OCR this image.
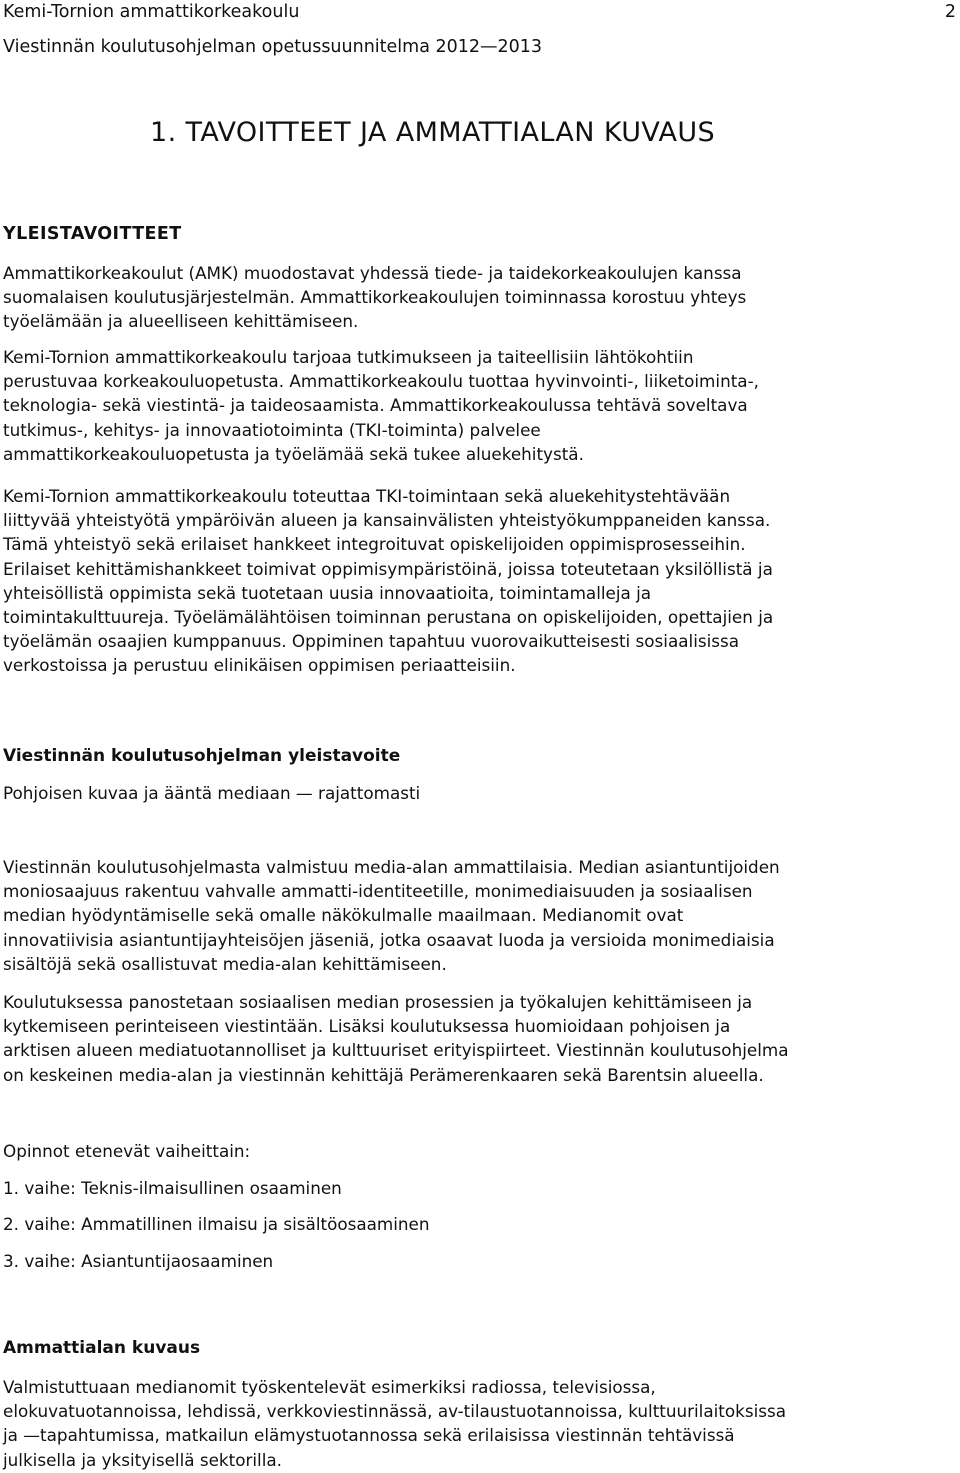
Kemi-Tornion ammattikorkeakoulu	2
Viestinnän koulutusohjelman opetussuunnitelma 2012—2013
1. TAVOITTEET JA AMMATTIALAN KUVAUS
YLEISTAVOITTEET
Ammattikorkeakoulut (AMK) muodostavat yhdessä tiede- ja taidekorkeakoulujen kanssa
suomalaisen koulutusjärjestelmän. Ammattikorkeakoulujen toiminnassa korostuu yhteys
työelämään ja alueelliseen kehittämiseen.
Kemi-Tornion ammattikorkeakoulu tarjoaa tutkimukseen ja taiteellisiin lähtökohtiin
perustuvaa korkeakouluopetusta. Ammattikorkeakoulu tuottaa hyvinvointi-, liiketoiminta-,
teknologia- sekä viestintä- ja taideosaamista. Ammattikorkeakoulussa tehtävä soveltava
tutkimus-, kehitys- ja innovaatiotoiminta (TKI-toiminta) palvelee
ammattikorkeakouluopetusta ja työelämää sekä tukee aluekehitystä.
Kemi-Tornion ammattikorkeakoulu toteuttaa TKI-toimintaan sekä aluekehitystehtävään
liittyvää yhteistyötä ympäröivän alueen ja kansainvälisten yhteistyökumppaneiden kanssa.
Tämä yhteistyö sekä erilaiset hankkeet integroituvat opiskelijoiden oppimisprosesseihin.
Erilaiset kehittämishankkeet toimivat oppimisympäristöinä, joissa toteutetaan yksilöllistä ja
yhteisöllistä oppimista sekä tuotetaan uusia innovaatioita, toimintamalleja ja
toimintakulttuureja. Työelämälähtöisen toiminnan perustana on opiskelijoiden, opettajien ja
työelämän osaajien kumppanuus. Oppiminen tapahtuu vuorovaikutteisesti sosiaalisissa
verkostoissa ja perustuu elinikäisen oppimisen periaatteisiin.
Viestinnän koulutusohjelman yleistavoite
Pohjoisen kuvaa ja ääntä mediaan — rajattomasti
Viestinnän koulutusohjelmasta valmistuu media-alan ammattilaisia. Median asiantuntijoiden
moniosaajuus rakentuu vahvalle ammatti-identiteetille, monimediaisuuden ja sosiaalisen
median hyödyntämiselle sekä omalle näkökulmalle maailmaan. Medianomit ovat
innovatiivisia asiantuntijayhteisöjen jäseniä, jotka osaavat luoda ja versioida monimediaisia
sisältöjä sekä osallistuvat media-alan kehittämiseen.
Koulutuksessa panostetaan sosiaalisen median prosessien ja työkalujen kehittämiseen ja
kytkemiseen perinteiseen viestintään. Lisäksi koulutuksessa huomioidaan pohjoisen ja
arktisen alueen mediatuotannolliset ja kulttuuriset erityispiirteet. Viestinnän koulutusohjelma
on keskeinen media-alan ja viestinnän kehittäjä Perämerenkaaren sekä Barentsin alueella.
Opinnot etenevät vaiheittain:
1. vaihe: Teknis-ilmaisullinen osaaminen
2. vaihe: Ammatillinen ilmaisu ja sisältöosaaminen
3. vaihe: Asiantuntijaosaaminen
Ammattialan kuvaus
Valmistuttuaan medianomit työskentelevät esimerkiksi radiossa, televisiossa,
elokuvatuotannoissa, lehdissä, verkkoviestinnässä, av-tilaustuotannoissa, kulttuurilaitoksissa
ja —tapahtumissa, matkailun elämystuotannossa sekä erilaisissa viestinnän tehtävissä
julkisella ja yksityisellä sektorilla.
